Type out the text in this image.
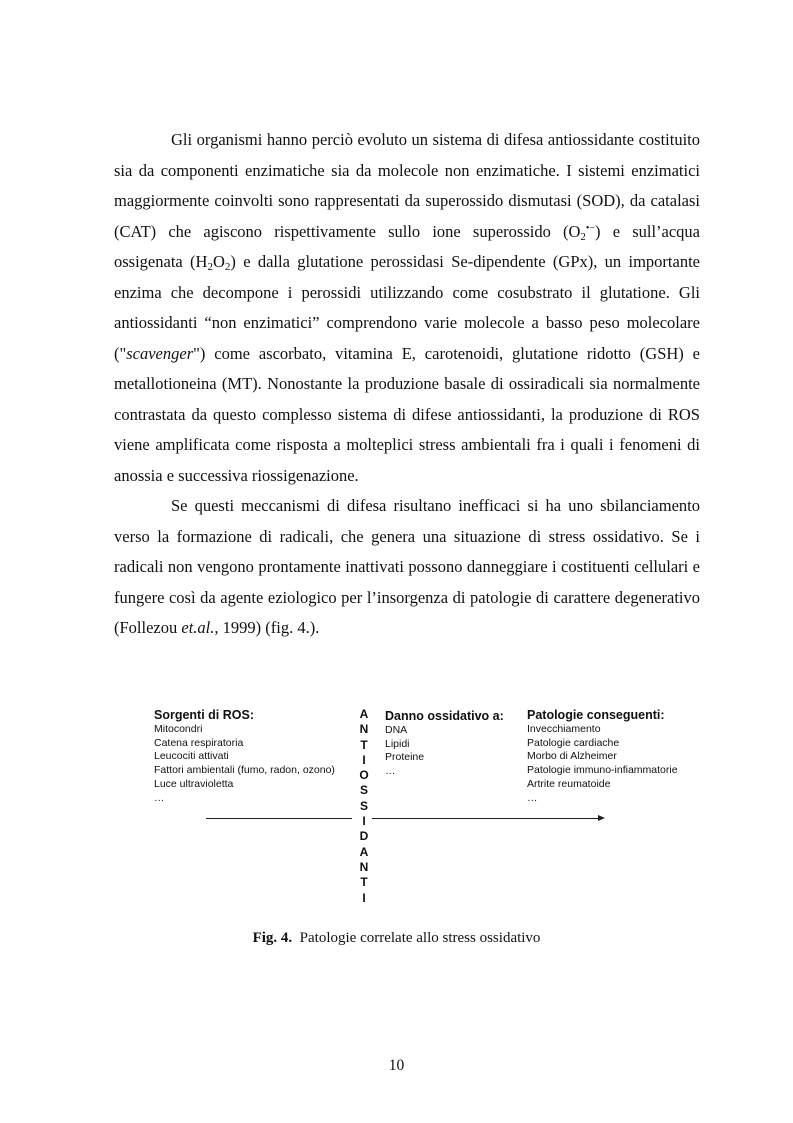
Gli organismi hanno perciò evoluto un sistema di difesa antiossidante costituito sia da componenti enzimatiche sia da molecole non enzimatiche. I sistemi enzimatici maggiormente coinvolti sono rappresentati da superossido dismutasi (SOD), da catalasi (CAT) che agiscono rispettivamente sullo ione superossido $(O_2^{•-})$ e sull’acqua ossigenata $(H_2O_2)$ e dalla glutatione perossidasi Se-dipendente (GPx), un importante enzima che decompone i perossidi utilizzando come cosubstrato il glutatione. Gli antiossidanti “non enzimatici” comprendono varie molecole a basso peso molecolare ("scavenger") come ascorbato, vitamina E, carotenoidi, glutatione ridotto (GSH) e metallotioneina (MT). Nonostante la produzione basale di ossiradicali sia normalmente contrastata da questo complesso sistema di difese antiossidanti, la produzione di ROS viene amplificata come risposta a molteplici stress ambientali fra i quali i fenomeni di anossia e successiva riossigenazione.

Se questi meccanismi di difesa risultano inefficaci si ha uno sbilanciamento verso la formazione di radicali, che genera una situazione di stress ossidativo. Se i radicali non vengono prontamente inattivati possono danneggiare i costituenti cellulari e fungere così da agente eziologico per l’insorgenza di patologie di carattere degenerativo (Follezou et.al., 1999) (fig. 4.).

Sorgenti di ROS:
Mitocondri
Catena respiratoria
Leucociti attivati
Fattori ambientali (fumo, radon, ozono)
Luce ultravioletta
…
A
N
T
I
O
S
S
I
D
A
N
T
I
Danno ossidativo a:
DNA
Lipidi
Proteine
…
Patologie conseguenti:
Invecchiamento
Patologie cardiache
Morbo di Alzheimer
Patologie immuno-infiammatorie
Artrite reumatoide
…
Fig. 4. Patologie correlate allo stress ossidativo
10
